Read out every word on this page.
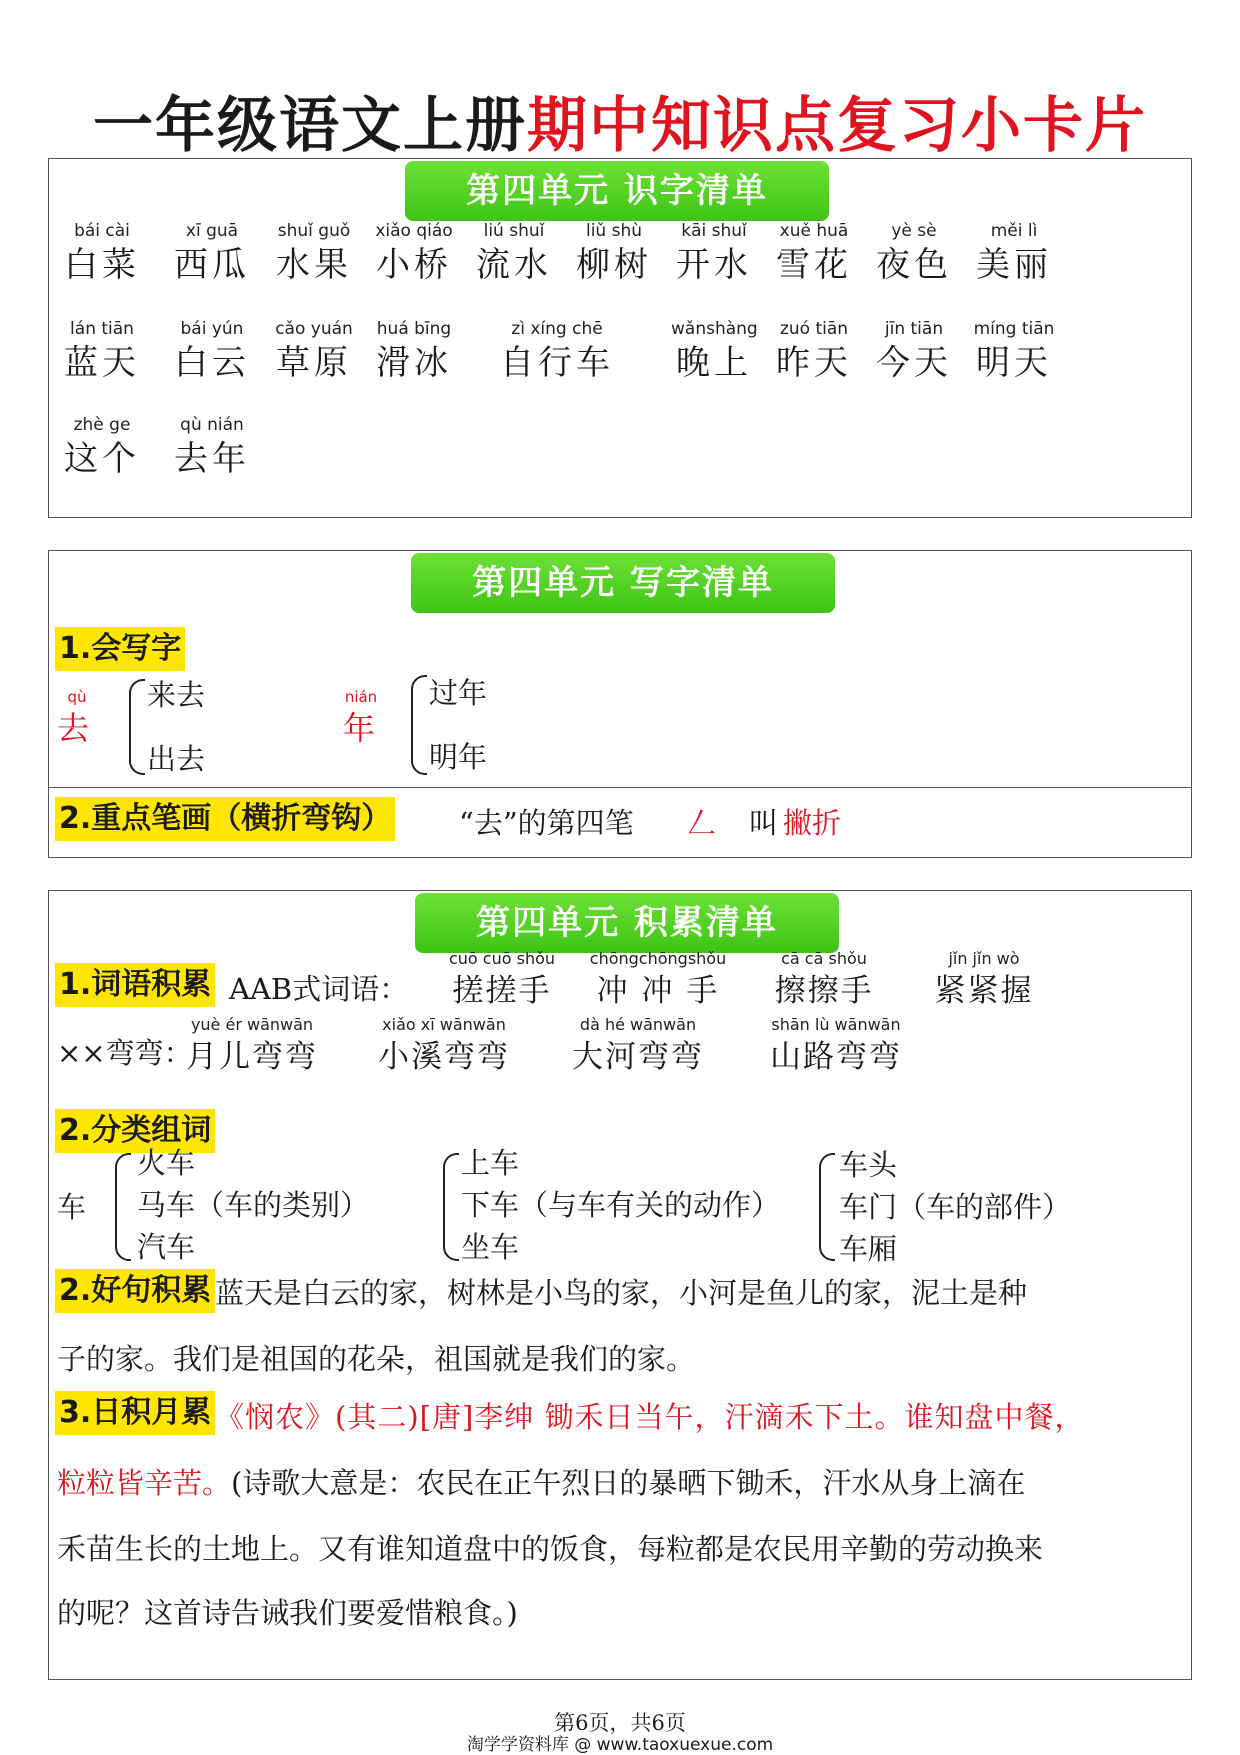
一年级语文上册期中知识点复习小卡片
第四单元 识字清单
bái cài
白菜
xī guā
西瓜
shuǐ guǒ
水果
xiǎo qiáo
小桥
liú shuǐ
流水
liǔ shù
柳树
kāi shuǐ
开水
xuě huā
雪花
yè sè
夜色
měi lì
美丽
lán tiān
蓝天
bái yún
白云
cǎo yuán
草原
huá bīng
滑冰
zì xíng chē
自行车
wǎnshàng
晚上
zuó tiān
昨天
jīn tiān
今天
míng tiān
明天
zhè ge
这个
qù nián
去年
第四单元 写字清单
1.会写字
qù
去
来去
出去
nián
年
过年
明年
2.重点笔画（横折弯钩） “去”的第四笔 𠃋 叫 撇折
第四单元 积累清单
1.词语积累 AAB式词语：
cuō cuō shǒu
搓搓手
chōngchōngshǒu
冲 冲 手
cā cā shǒu
擦擦手
jǐn jǐn wò
紧紧握
××弯弯：
yuè ér wānwān
月儿弯弯
xiǎo xī wānwān
小溪弯弯
dà hé wānwān
大河弯弯
shān lù wānwān
山路弯弯
2.分类组词
车
火车
马车（车的类别）
汽车
上车
下车（与车有关的动作）
坐车
车头
车门（车的部件）
车厢
2.好句积累 蓝天是白云的家，树林是小鸟的家，小河是鱼儿的家，泥土是种
子的家。我们是祖国的花朵，祖国就是我们的家。
3.日积月累 《悯农》(其二)[唐]李绅 锄禾日当午，汗滴禾下土。谁知盘中餐，
粒粒皆辛苦。(诗歌大意是：农民在正午烈日的暴晒下锄禾，汗水从身上滴在
禾苗生长的土地上。又有谁知道盘中的饭食，每粒都是农民用辛勤的劳动换来
的呢？这首诗告诫我们要爱惜粮食。)
第6页，共6页
淘学学资料库 @ www.taoxuexue.com
